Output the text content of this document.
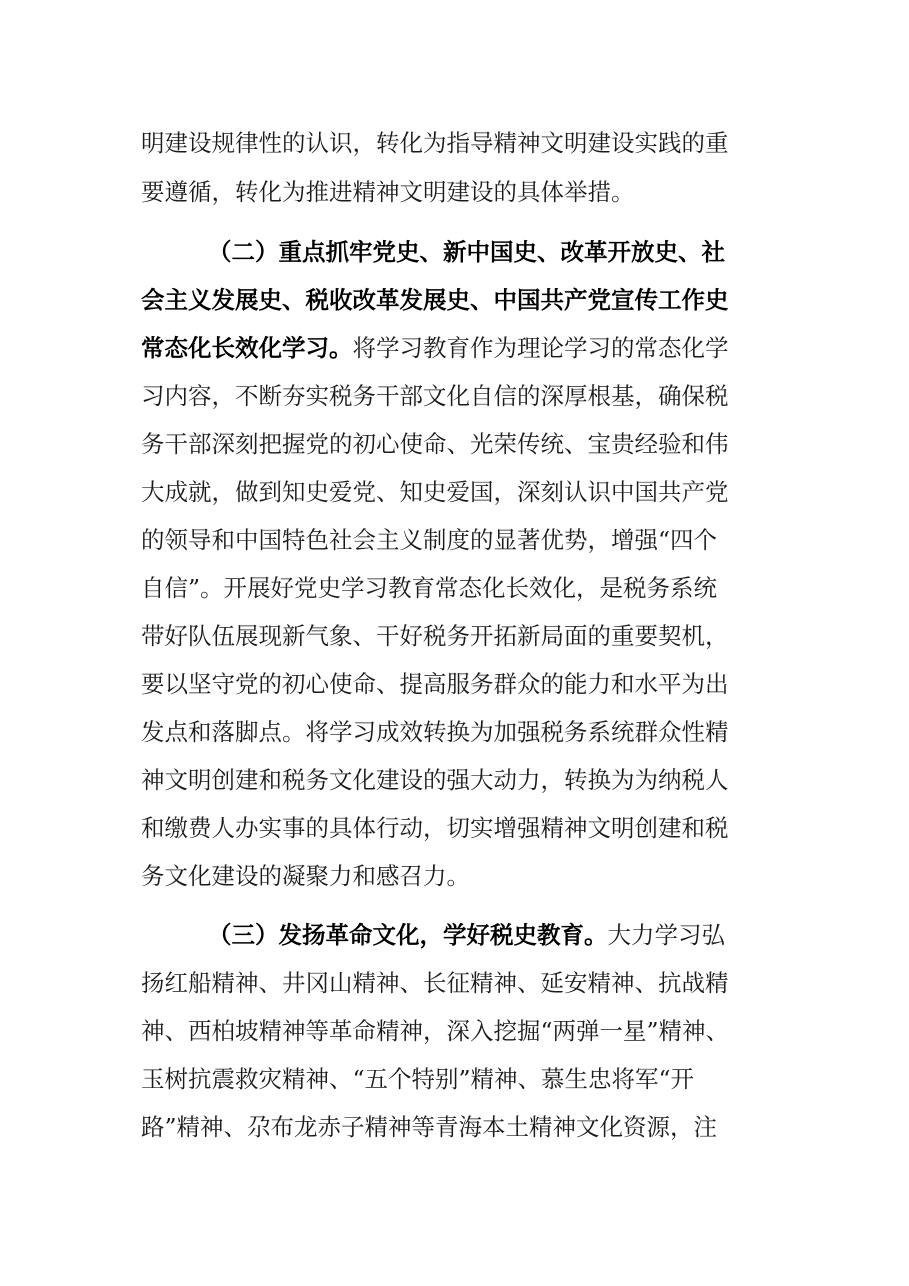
明建设规律性的认识，转化为指导精神文明建设实践的重
要遵循，转化为推进精神文明建设的具体举措。
（二）重点抓牢党史、新中国史、改革开放史、社
会主义发展史、税收改革发展史、中国共产党宣传工作史
常态化长效化学习。将学习教育作为理论学习的常态化学
习内容，不断夯实税务干部文化自信的深厚根基，确保税
务干部深刻把握党的初心使命、光荣传统、宝贵经验和伟
大成就，做到知史爱党、知史爱国，深刻认识中国共产党
的领导和中国特色社会主义制度的显著优势，增强“四个
自信”。开展好党史学习教育常态化长效化，是税务系统
带好队伍展现新气象、干好税务开拓新局面的重要契机，
要以坚守党的初心使命、提高服务群众的能力和水平为出
发点和落脚点。将学习成效转换为加强税务系统群众性精
神文明创建和税务文化建设的强大动力，转换为为纳税人
和缴费人办实事的具体行动，切实增强精神文明创建和税
务文化建设的凝聚力和感召力。
（三）发扬革命文化，学好税史教育。大力学习弘
扬红船精神、井冈山精神、长征精神、延安精神、抗战精
神、西柏坡精神等革命精神，深入挖掘“两弹一星”精神、
玉树抗震救灾精神、“五个特别”精神、慕生忠将军“开
路”精神、尕布龙赤子精神等青海本土精神文化资源，注
